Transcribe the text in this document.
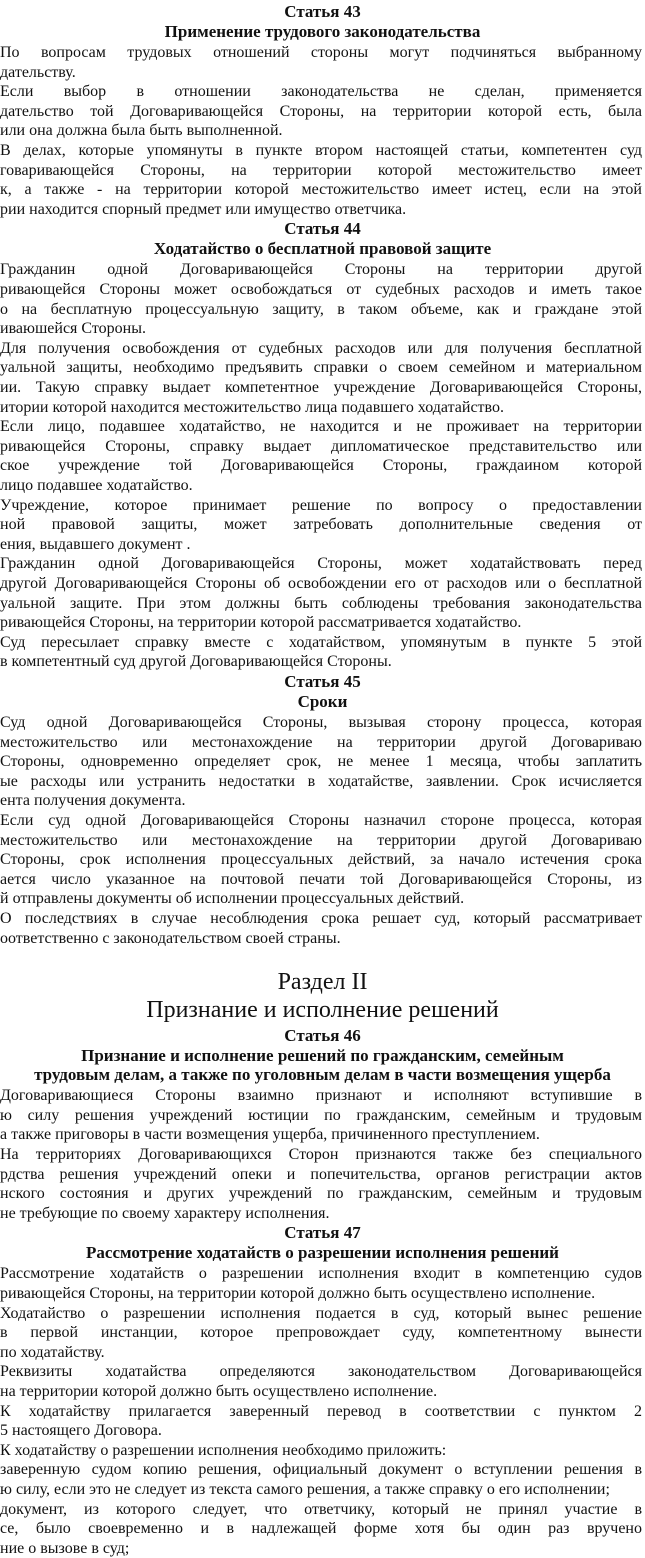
Статья 43
Применение трудового законодательства
По вопросам трудовых отношений стороны могут подчиняться выбранному
дательству.
Если выбор в отношении законодательства не сделан, применяется
дательство той Договаривающейся Стороны, на территории которой есть, была
или она должна была быть выполненной.
В делах, которые упомянуты в пункте втором настоящей статьи, компетентен суд
говаривающейся Стороны, на территории которой местожительство имеет
к, а также - на территории которой местожительство имеет истец, если на этой
рии находится спорный предмет или имущество ответчика.
Статья 44
Ходатайство о бесплатной правовой защите
Гражданин одной Договаривающейся Стороны на территории другой
ривающейся Стороны может освобождаться от судебных расходов и иметь такое
о на бесплатную процессуальную защиту, в таком объеме, как и граждане этой
иваюшейся Стороны.
Для получения освобождения от судебных расходов или для получения бесплатной
уальной защиты, необходимо предъявить справки о своем семейном и материальном
ии. Такую справку выдает компетентное учреждение Договаривающейся Стороны,
итории которой находится местожительство лица подавшего ходатайство.
Если лицо, подавшее ходатайство, не находится и не проживает на территории
ривающейся Стороны, справку выдает дипломатическое представительство или
ское учреждение той Договаривающейся Стороны, граждаином которой
лицо подавшее ходатайство.
Учреждение, которое принимает решение по вопросу о предоставлении
ной правовой защиты, может затребовать дополнительные сведения от
ения, выдавшего документ .
Гражданин одной Договаривающейся Стороны, может ходатайствовать перед
другой Договаривающейся Стороны об освобождении его от расходов или о бесплатной
уальной защите. При этом должны быть соблюдены требования законодательства
ривающейся Стороны, на территории которой рассматривается ходатайство.
Суд пересылает справку вместе с ходатайством, упомянутым в пункте 5 этой
в компетентный суд другой Договаривающейся Стороны.
Статья 45
Сроки
Суд одной Договаривающейся Стороны, вызывая сторону процесса, которая
местожительство или местонахождение на территории другой Договариваю
Стороны, одновременно определяет срок, не менее 1 месяца, чтобы заплатить
ые расходы или устранить недостатки в ходатайстве, заявлении. Срок исчисляется
ента получения документа.
Если суд одной Договаривающейся Стороны назначил стороне процесса, которая
местожительство или местонахождение на территории другой Договариваю
Стороны, срок исполнения процессуальных действий, за начало истечения срока
ается число указанное на почтовой печати той Договаривающейся Стороны, из
й отправлены документы об исполнении процессуальных действий.
О последствиях в случае несоблюдения срока решает суд, который рассматривает
оответственно с законодательством своей страны.
Раздел II
Признание и исполнение решений
Статья 46
Признание и исполнение решений по гражданским, семейным
трудовым делам, а также по уголовным делам в части возмещения ущерба
Договаривающиеся Стороны взаимно признают и исполняют вступившие в
ю силу решения учреждений юстиции по гражданским, семейным и трудовым
а также приговоры в части возмещения ущерба, причиненного преступлением.
На территориях Договаривающихся Сторон признаются также без специального
рдства решения учреждений опеки и попечительства, органов регистрации актов
нского состояния и других учреждений по гражданским, семейным и трудовым
не требующие по своему характеру исполнения.
Статья 47
Рассмотрение ходатайств о разрешении исполнения решений
Рассмотрение ходатайств о разрешении исполнения входит в компетенцию судов
ривающейся Стороны, на территории которой должно быть осуществлено исполнение.
Ходатайство о разрешении исполнения подается в суд, который вынес решение
в первой инстанции, которое препровождает суду, компетентному вынести
по ходатайству.
Реквизиты ходатайства определяются законодательством Договаривающейся
на территории которой должно быть осуществлено исполнение.
К ходатайству прилагается заверенный перевод в соответствии с пунктом 2
5 настоящего Договора.
К ходатайству о разрешении исполнения необходимо приложить:
заверенную судом копию решения, официальный документ о вступлении решения в
ю силу, если это не следует из текста самого решения, а также справку о его исполнении;
документ, из которого следует, что ответчику, который не принял участие в
се, было своевременно и в надлежащей форме хотя бы один раз вручено
ние о вызове в суд;
